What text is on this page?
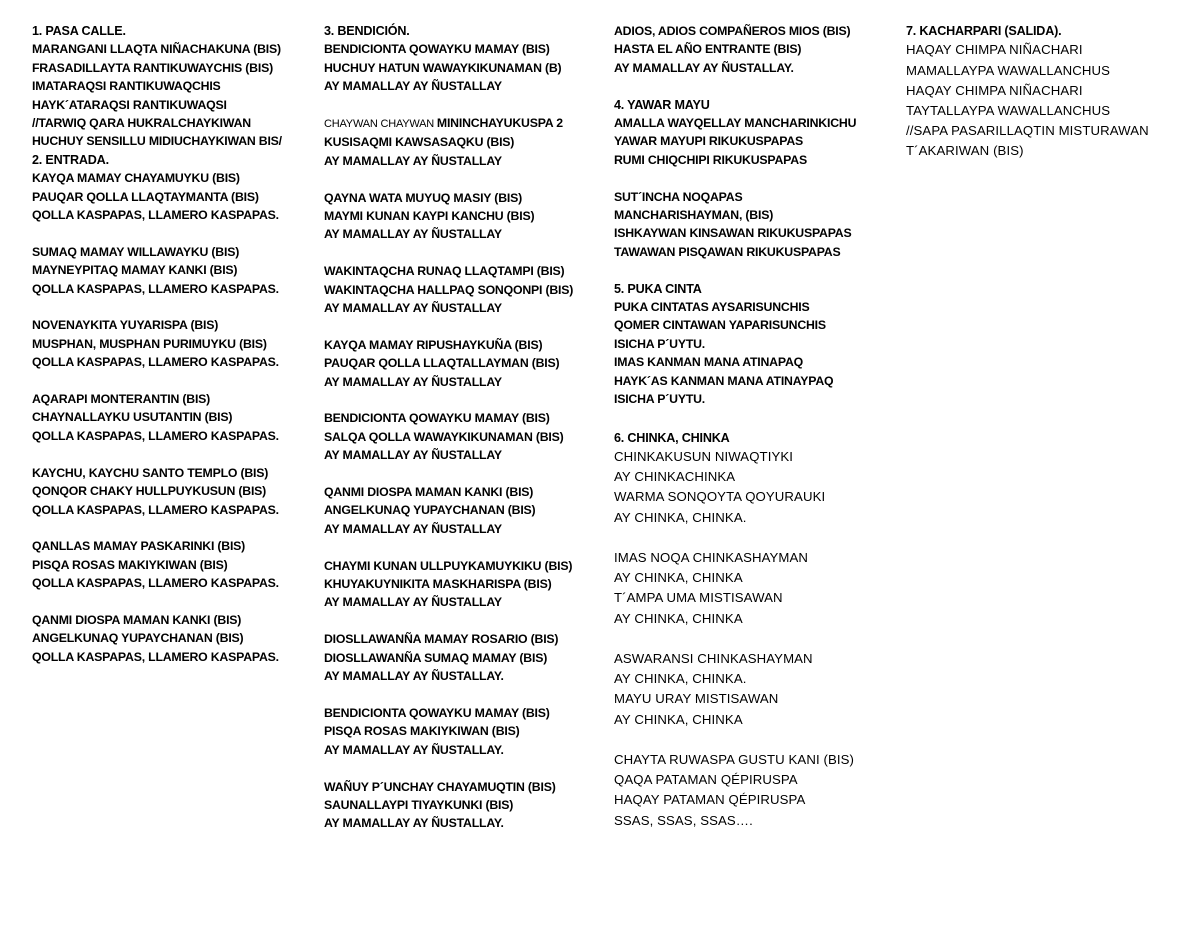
1. PASA CALLE.
MARANGANI LLAQTA NIÑACHAKUNA (BIS)
FRASADILLAYTA RANTIKUWAYCHIS (BIS)
IMATARAQSI RANTIKUWAQCHIS
HAYK´ATARAQSI RANTIKUWAQSI
//TARWIQ QARA HUKRALCHAYKIWAN
HUCHUY SENSILLU MIDIUCHAYKIWAN BIS/
2. ENTRADA.
KAYQA MAMAY CHAYAMUYKU (BIS)
PAUQAR QOLLA LLAQTAYMANTA (BIS)
QOLLA KASPAPAS, LLAMERO KASPAPAS.
SUMAQ MAMAY WILLAWAYKU (BIS)
MAYNEYPITAQ MAMAY KANKI (BIS)
QOLLA KASPAPAS, LLAMERO KASPAPAS.
NOVENAYKITA YUYARISPA (BIS)
MUSPHAN, MUSPHAN PURIMUYKU (BIS)
QOLLA KASPAPAS, LLAMERO KASPAPAS.
AQARAPI MONTERANTIN (BIS)
CHAYNALLAYKU USUTANTIN (BIS)
QOLLA KASPAPAS, LLAMERO KASPAPAS.
KAYCHU, KAYCHU SANTO TEMPLO (BIS)
QONQOR CHAKY HULLPUYKUSUN (BIS)
QOLLA KASPAPAS, LLAMERO KASPAPAS.
QANLLAS MAMAY PASKARINKI (BIS)
PISQA ROSAS MAKIYKIWAN (BIS)
QOLLA KASPAPAS, LLAMERO KASPAPAS.
QANMI DIOSPA MAMAN KANKI (BIS)
ANGELKUNAQ YUPAYCHANAN (BIS)
QOLLA KASPAPAS, LLAMERO KASPAPAS.
3. BENDICIÓN.
BENDICIONTA QOWAYKU MAMAY (BIS)
HUCHUY HATUN WAWAYKIKUNAMAN (B)
AY MAMALLAY AY ÑUSTALLAY
CHAYWAN CHAYWAN MININCHAYUKUSPA 2
KUSISAQMI KAWSASAQKU (BIS)
AY MAMALLAY AY ÑUSTALLAY
QAYNA WATA MUYUQ MASIY (BIS)
MAYMI KUNAN KAYPI KANCHU (BIS)
AY MAMALLAY AY ÑUSTALLAY
WAKINTAQCHA RUNAQ LLAQTAMPI (BIS)
WAKINTAQCHA HALLPAQ SONQONPI (BIS)
AY MAMALLAY AY ÑUSTALLAY
KAYQA MAMAY RIPUSHAYKUÑA (BIS)
PAUQAR QOLLA LLAQTALLAYMAN (BIS)
AY MAMALLAY AY ÑUSTALLAY
BENDICIONTA QOWAYKU MAMAY (BIS)
SALQA QOLLA WAWAYKIKUNAMAN (BIS)
AY MAMALLAY AY ÑUSTALLAY
QANMI DIOSPA MAMAN KANKI (BIS)
ANGELKUNAQ YUPAYCHANAN (BIS)
AY MAMALLAY AY ÑUSTALLAY
CHAYMI KUNAN ULLPUYKAMUYKIKU (BIS)
KHUYAKUYNIKITA MASKHARISPA (BIS)
AY MAMALLAY AY ÑUSTALLAY
DIOSLLAWANÑA MAMAY ROSARIO (BIS)
DIOSLLAWANÑA SUMAQ MAMAY (BIS)
AY MAMALLAY AY ÑUSTALLAY.
BENDICIONTA QOWAYKU MAMAY (BIS)
PISQA ROSAS MAKIYKIWAN (BIS)
AY MAMALLAY AY ÑUSTALLAY.
WAÑUY P´UNCHAY CHAYAMUQTIN (BIS)
SAUNALLAYPI TIYAYKUNKI (BIS)
AY MAMALLAY AY ÑUSTALLAY.
ADIOS, ADIOS COMPAÑEROS MIOS (BIS)
HASTA EL AÑO ENTRANTE (BIS)
AY MAMALLAY AY ÑUSTALLAY.
4. YAWAR MAYU
AMALLA WAYQELLAY MANCHARINKICHU
YAWAR MAYUPI RIKUKUSPAPAS
RUMI CHIQCHIPI RIKUKUSPAPAS
SUT´INCHA NOQAPAS
MANCHARISHAYMAN, (BIS)
ISHKAYWAN KINSAWAN RIKUKUSPAPAS
TAWAWAN PISQAWAN RIKUKUSPAPAS
5. PUKA CINTA
PUKA CINTATAS AYSARISUNCHIS
QOMER CINTAWAN YAPARISUNCHIS
ISICHA P´UYTU.
IMAS KANMAN MANA ATINAPAQ
HAYK´AS KANMAN MANA ATINAYPAQ
ISICHA P´UYTU.
6. CHINKA, CHINKA
CHINKAKUSUN NIWAQTIYKI
AY CHINKACHINKA
WARMA SONQOYTA QOYURAUKI
AY CHINKA, CHINKA.
IMAS NOQA CHINKASHAYMAN
AY CHINKA, CHINKA
T´AMPA UMA MISTISAWAN
AY CHINKA, CHINKA
ASWARANSI CHINKASHAYMAN
AY CHINKA, CHINKA.
MAYU URAY MISTISAWAN
AY CHINKA, CHINKA
CHAYTA RUWASPA GUSTU KANI (BIS)
QAQA PATAMAN QÉPIRUSPA
HAQAY PATAMAN QÉPIRUSPA
SSAS, SSAS, SSAS….
7. KACHARPARI (SALIDA).
HAQAY CHIMPA NIÑACHARI
MAMALLAYPA WAWALLANCHUS
HAQAY CHIMPA NIÑACHARI
TAYTALLAYPA WAWALLANCHUS
//SAPA PASARILLAQTIN MISTURAWAN
T´AKARIWAN (BIS)
